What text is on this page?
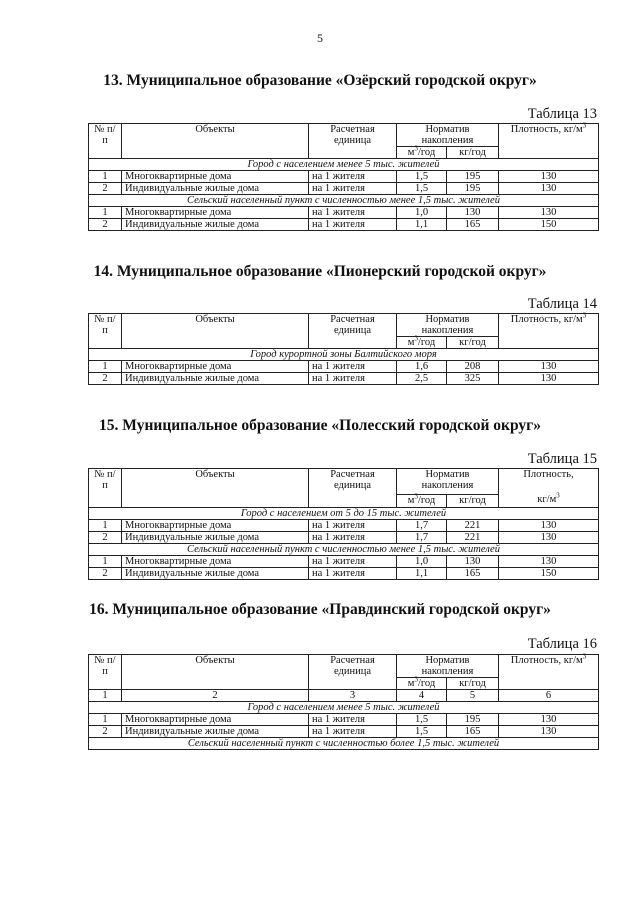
5
13. Муниципальное образование «Озёрский городской округ»
Таблица 13
№ п/п	Объекты	Расчетная единица	Норматив накопления		Плотность, $кг/м^3$
			$м^3$/год	кг/год	
Город с населением менее 5 тыс. жителей					
1	Многоквартирные дома	на 1 жителя	1,5	195	130
2	Индивидуальные жилые дома	на 1 жителя	1,5	195	130
Сельский населенный пункт с численностью менее 1,5 тыс. жителей					
1	Многоквартирные дома	на 1 жителя	1,0	130	130
2	Индивидуальные жилые дома	на 1 жителя	1,1	165	150
14. Муниципальное образование «Пионерский городской округ»
Таблица 14
№ п/п	Объекты	Расчетная единица	Норматив накопления		Плотность, $кг/м^3$
			$м^3$/год	кг/год	
Город курортной зоны Балтийского моря					
1	Многоквартирные дома	на 1 жителя	1,6	208	130
2	Индивидуальные жилые дома	на 1 жителя	2,5	325	130
15. Муниципальное образование «Полесский городской округ»
Таблица 15
№ п/п	Объекты	Расчетная единица	Норматив накопления		Плотность,
$кг/м^3$

			$м^3$/год	кг/год	
Город с населением от 5 до 15 тыс. жителей					
1	Многоквартирные дома	на 1 жителя	1,7	221	130
2	Индивидуальные жилые дома	на 1 жителя	1,7	221	130
Сельский населенный пункт с численностью менее 1,5 тыс. жителей					
1	Многоквартирные дома	на 1 жителя	1,0	130	130
2	Индивидуальные жилые дома	на 1 жителя	1,1	165	150
16. Муниципальное образование «Правдинский городской округ»
Таблица 16
№ п/п	Объекты	Расчетная единица	Норматив накопления		Плотность, $кг/м^3$
			$м^3$/год	кг/год	
1	2	3	4	5	6
Город с населением менее 5 тыс. жителей					
1	Многоквартирные дома	на 1 жителя	1,5	195	130
2	Индивидуальные жилые дома	на 1 жителя	1,5	165	130
Сельский населенный пункт с численностью более 1,5 тыс. жителей					
